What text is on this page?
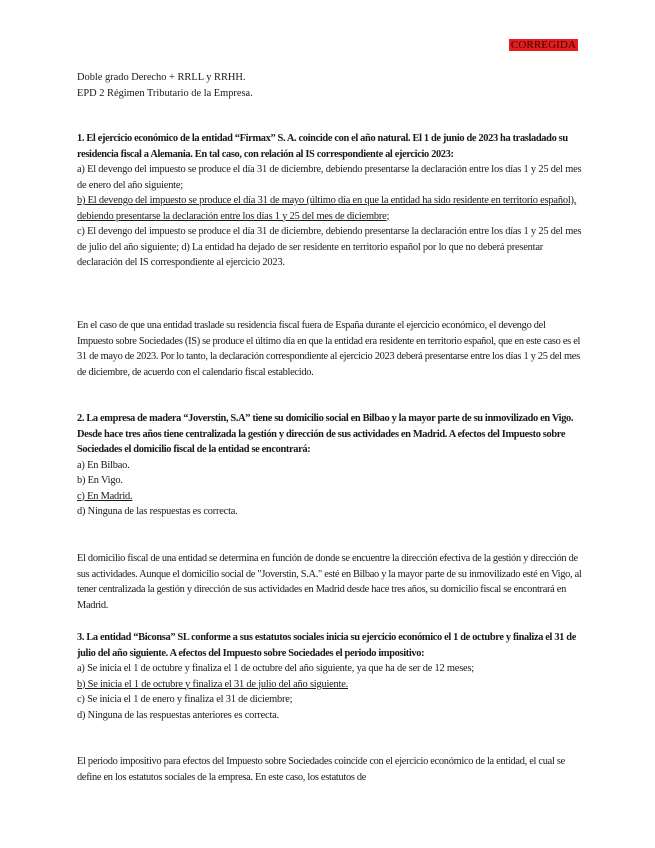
CORREGIDA

Doble grado Derecho + RRLL y RRHH.

EPD 2 Régimen Tributario de la Empresa.

1. El ejercicio económico de la entidad “Firmax” S. A. coincide con el año natural. El 1 de junio de 2023 ha trasladado su residencia fiscal a Alemania. En tal caso, con relación al IS correspondiente al ejercicio 2023:

a) El devengo del impuesto se produce el día 31 de diciembre, debiendo presentarse la declaración entre los días 1 y 25 del mes de enero del año siguiente;

b) El devengo del impuesto se produce el día 31 de mayo (último día en que la entidad ha sido residente en territorio español), debiendo presentarse la declaración entre los días 1 y 25 del mes de diciembre;

c) El devengo del impuesto se produce el día 31 de diciembre, debiendo presentarse la declaración entre los días 1 y 25 del mes de julio del año siguiente; d) La entidad ha dejado de ser residente en territorio español por lo que no deberá presentar declaración del IS correspondiente al ejercicio 2023.

En el caso de que una entidad traslade su residencia fiscal fuera de España durante el ejercicio económico, el devengo del Impuesto sobre Sociedades (IS) se produce el último día en que la entidad era residente en territorio español, que en este caso es el 31 de mayo de 2023. Por lo tanto, la declaración correspondiente al ejercicio 2023 deberá presentarse entre los días 1 y 25 del mes de diciembre, de acuerdo con el calendario fiscal establecido.

2. La empresa de madera “Joverstin, S.A” tiene su domicilio social en Bilbao y la mayor parte de su inmovilizado en Vigo. Desde hace tres años tiene centralizada la gestión y dirección de sus actividades en Madrid. A efectos del Impuesto sobre Sociedades el domicilio fiscal de la entidad se encontrará:

a) En Bilbao.

b) En Vigo.

c) En Madrid.

d) Ninguna de las respuestas es correcta.

El domicilio fiscal de una entidad se determina en función de donde se encuentre la dirección efectiva de la gestión y dirección de sus actividades. Aunque el domicilio social de "Joverstin, S.A." esté en Bilbao y la mayor parte de su inmovilizado esté en Vigo, al tener centralizada la gestión y dirección de sus actividades en Madrid desde hace tres años, su domicilio fiscal se encontrará en Madrid.

3. La entidad “Biconsa” SL conforme a sus estatutos sociales inicia su ejercicio económico el 1 de octubre y finaliza el 31 de julio del año siguiente. A efectos del Impuesto sobre Sociedades el periodo impositivo:

a) Se inicia el 1 de octubre y finaliza el 1 de octubre del año siguiente, ya que ha de ser de 12 meses;

b) Se inicia el 1 de octubre y finaliza el 31 de julio del año siguiente.

c) Se inicia el 1 de enero y finaliza el 31 de diciembre;

d) Ninguna de las respuestas anteriores es correcta.

El periodo impositivo para efectos del Impuesto sobre Sociedades coincide con el ejercicio económico de la entidad, el cual se define en los estatutos sociales de la empresa. En este caso, los estatutos de
